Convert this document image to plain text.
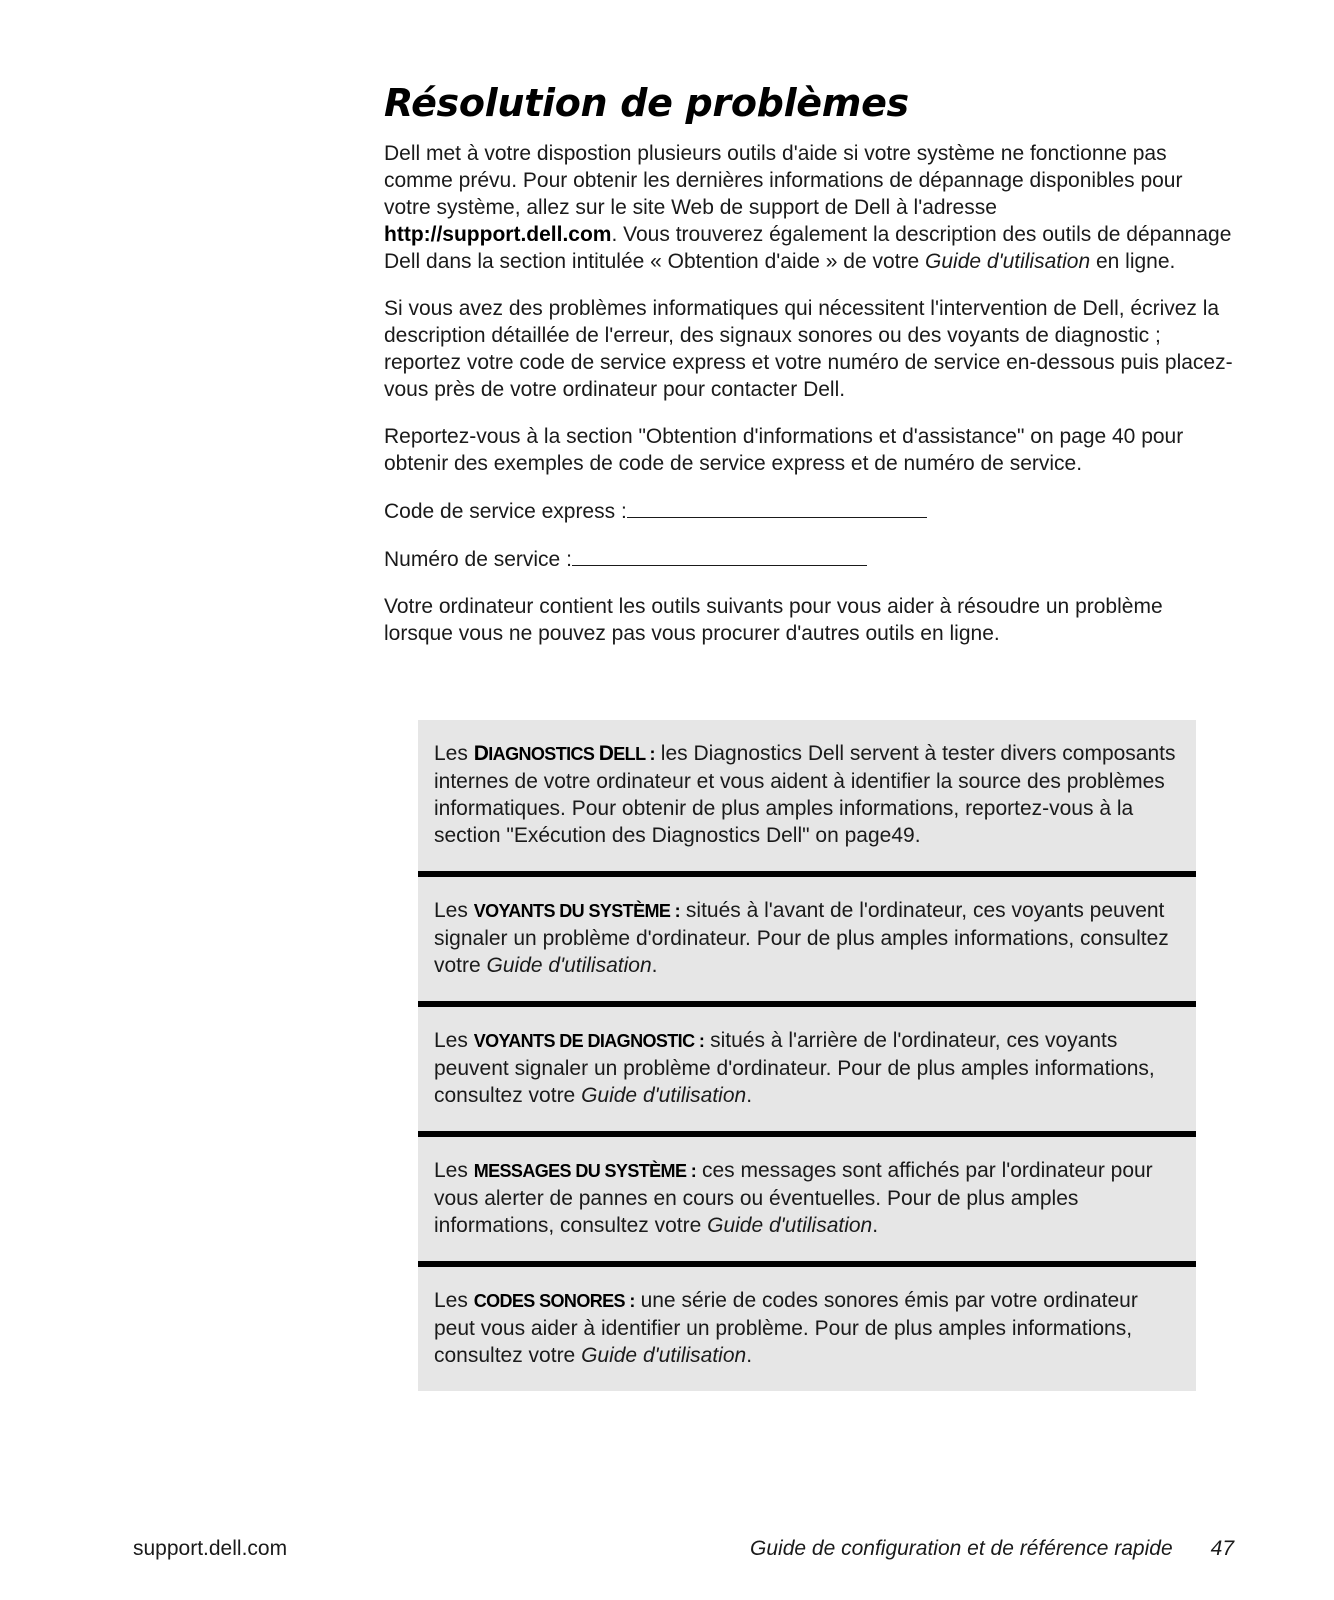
Résolution de problèmes

Dell met à votre dispostion plusieurs outils d'aide si votre système ne fonctionne pas comme prévu. Pour obtenir les dernières informations de dépannage disponibles pour votre système, allez sur le site Web de support de Dell à l'adresse http://support.dell.com. Vous trouverez également la description des outils de dépannage Dell dans la section intitulée « Obtention d'aide » de votre Guide d'utilisation en ligne.

Si vous avez des problèmes informatiques qui nécessitent l'intervention de Dell, écrivez la description détaillée de l'erreur, des signaux sonores ou des voyants de diagnostic ; reportez votre code de service express et votre numéro de service en-dessous puis placez-vous près de votre ordinateur pour contacter Dell.

Reportez-vous à la section "Obtention d'informations et d'assistance" on page 40 pour obtenir des exemples de code de service express et de numéro de service.

Code de service express :

Numéro de service :

Votre ordinateur contient les outils suivants pour vous aider à résoudre un problème lorsque vous ne pouvez pas vous procurer d'autres outils en ligne.

Les DIAGNOSTICS DELL : les Diagnostics Dell servent à tester divers composants internes de votre ordinateur et vous aident à identifier la source des problèmes informatiques. Pour obtenir de plus amples informations, reportez-vous à la section "Exécution des Diagnostics Dell" on page49.
Les VOYANTS DU SYSTÈME : situés à l'avant de l'ordinateur, ces voyants peuvent signaler un problème d'ordinateur. Pour de plus amples informations, consultez votre Guide d'utilisation.
Les VOYANTS DE DIAGNOSTIC : situés à l'arrière de l'ordinateur, ces voyants peuvent signaler un problème d'ordinateur. Pour de plus amples informations, consultez votre Guide d'utilisation.
Les MESSAGES DU SYSTÈME : ces messages sont affichés par l'ordinateur pour vous alerter de pannes en cours ou éventuelles. Pour de plus amples informations, consultez votre Guide d'utilisation.
Les CODES SONORES : une série de codes sonores émis par votre ordinateur peut vous aider à identifier un problème. Pour de plus amples informations, consultez votre Guide d'utilisation.
support.dell.com	Guide de configuration et de référence rapide 47
